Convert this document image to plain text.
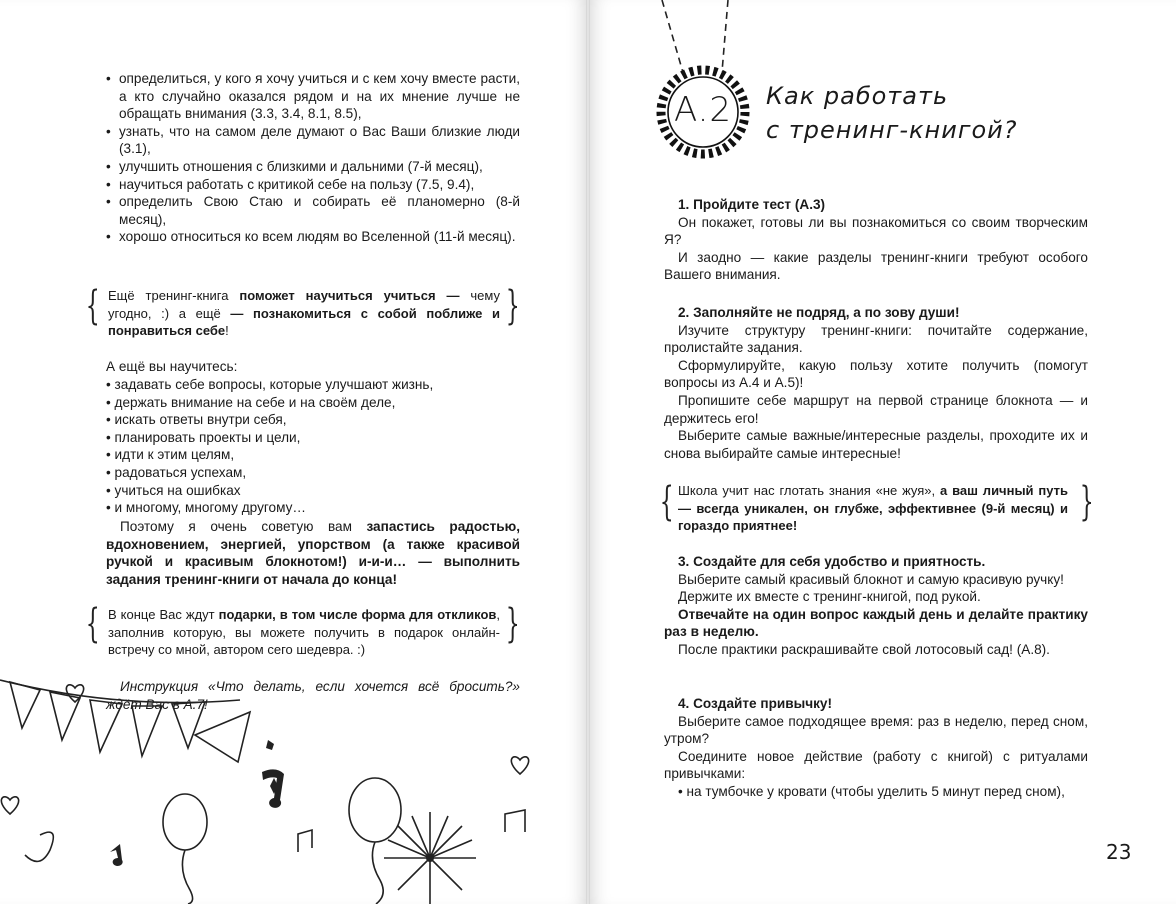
• определиться, у кого я хочу учиться и с кем хочу вместе расти, а кто случайно оказался рядом и на их мнение лучше не обращать внимания (3.3, 3.4, 8.1, 8.5),
• узнать, что на самом деле думают о Вас Ваши близкие люди (3.1),
• улучшить отношения с близкими и дальними (7-й месяц),
• научиться работать с критикой себе на пользу (7.5, 9.4),
• определить Свою Стаю и собирать её планомерно (8-й месяц),
• хорошо относиться ко всем людям во Вселенной (11-й месяц).
{ Ещё тренинг-книга поможет научиться учиться — чему угодно, :) а ещё — познакомиться с собой поближе и понравиться себе!
}
А ещё вы научитесь:
• задавать себе вопросы, которые улучшают жизнь,
• держать внимание на себе и на своём деле,
• искать ответы внутри себя,
• планировать проекты и цели,
• идти к этим целям,
• радоваться успехам,
• учиться на ошибках
• и многому, многому другому…
Поэтому я очень советую вам запастись радостью, вдохновением, энергией, упорством (а также красивой ручкой и красивым блокнотом!) и-и-и… — выполнить задания тренинг-книги от начала до конца!
{ В конце Вас ждут подарки, в том числе форма для откликов, заполнив которую, вы можете получить в подарок онлайн-встречу со мной, автором сего шедевра. :)
}
Инструкция «Что делать, если хочется всё бросить?» ждёт Вас в А.7!
A.2 Как работать
с тренинг-книгой?

1. Пройдите тест (А.3)

Он покажет, готовы ли вы познакомиться со своим творческим Я?

И заодно — какие разделы тренинг-книги требуют особого Вашего внимания.

2. Заполняйте не подряд, а по зову души!

Изучите структуру тренинг-книги: почитайте содержание, пролистайте задания.

Сформулируйте, какую пользу хотите получить (помогут вопросы из А.4 и А.5)!

Пропишите себе маршрут на первой странице блокнота — и держитесь его!

Выберите самые важные/интересные разделы, проходите их и снова выбирайте самые интересные!

{ Школа учит нас глотать знания «не жуя», а ваш личный путь — всегда уникален, он глубже, эффективнее (9-й месяц) и гораздо приятнее!
}

3. Создайте для себя удобство и приятность.

Выберите самый красивый блокнот и самую красивую ручку!

Держите их вместе с тренинг-книгой, под рукой.

Отвечайте на один вопрос каждый день и делайте практику раз в неделю.

После практики раскрашивайте свой лотосовый сад! (А.8).

4. Создайте привычку!

Выберите самое подходящее время: раз в неделю, перед сном, утром?

Соедините новое действие (работу с книгой) с ритуалами привычками:

• на тумбочке у кровати (чтобы уделить 5 минут перед сном),

23
